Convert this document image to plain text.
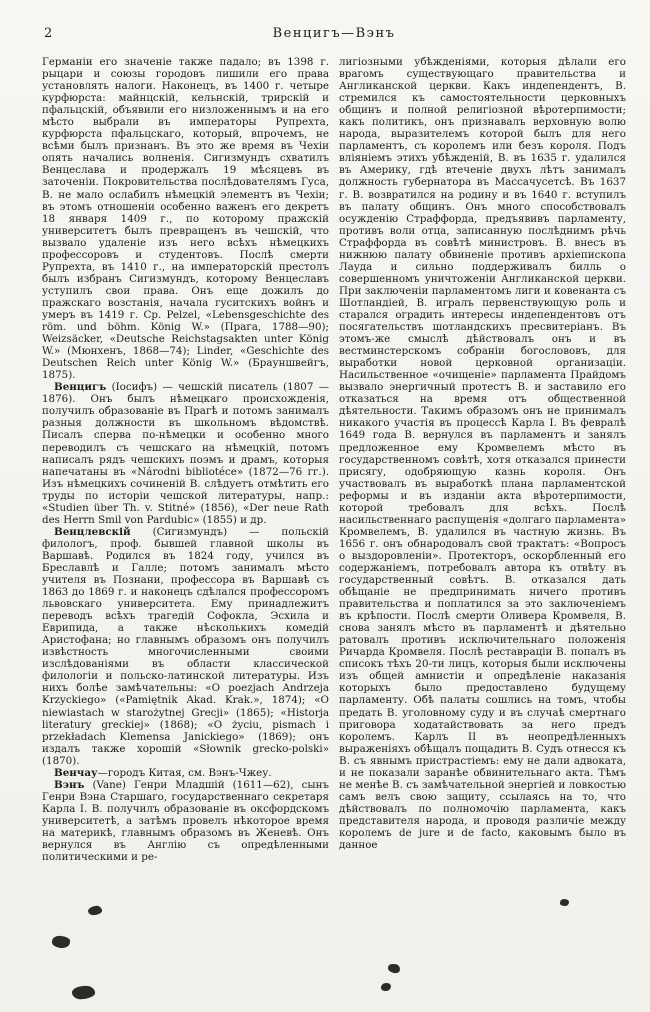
2	Венцигъ—Вэнъ

Германіи его значеніе также падало; въ 1398 г. рыцари и союзы городовъ лишили его права установлять налоги. Наконецъ, въ 1400 г. четыре курфюрста: майнцскій, кельнскій, трирскій и пфальцскій, объявили его низложеннымъ и на его мѣсто выбрали въ императоры Рупрехта, курфюрста пфальцскаго, который, впрочемъ, не всѣми былъ признанъ. Въ это же время въ Чехіи опять начались волненія. Сигизмундъ схватилъ Венцеслава и продержалъ 19 мѣсяцевъ въ заточеніи. Покровительства послѣдователямъ Гуса, В. не мало ослабилъ нѣмецкій элементъ въ Чехіи; въ этомъ отношеніи особенно важенъ его декретъ 18 января 1409 г., по которому пражскій университетъ былъ превращенъ въ чешскій, что вызвало удаленіе изъ него всѣхъ нѣмецкихъ профессоровъ и студентовъ. Послѣ смерти Рупрехта, въ 1410 г., на императорскій престолъ былъ избранъ Сигизмундъ, которому Венцеславъ уступилъ свои права. Онъ еще дожилъ до пражскаго возстанія, начала гуситскихъ войнъ и умеръ въ 1419 г. Ср. Pelzel, «Lebensgeschichte des röm. und böhm. König W.» (Прага, 1788—90); Weizsäcker, «Deutsche Reichstagsakten unter König W.» (Мюнхенъ, 1868—74); Linder, «Geschichte des Deutschen Reich unter König W.» (Брауншвейгъ, 1875).

Венцигъ (Іосифъ) — чешскій писатель (1807 — 1876). Онъ былъ нѣмецкаго происхожденія, получилъ образованіе въ Прагѣ и потомъ занималъ разныя должности въ школьномъ вѣдомствѣ. Писалъ сперва по-нѣмецки и особенно много переводилъ съ чешскаго на нѣмецкій, потомъ написалъ рядъ чешскихъ поэмъ и драмъ, которыя напечатаны въ «Národni bibliotéce» (1872—76 гг.). Изъ нѣмецкихъ сочиненій В. слѣдуетъ отмѣтить его труды по исторіи чешской литературы, напр.: «Studien über Th. v. Stitné» (1856), «Der neue Rath des Herrn Smil von Pardubic» (1855) и др.

Венцлевскій (Сигизмундъ) — польскій филологъ, проф. бывшей главной школы въ Варшавѣ. Родился въ 1824 году, учился въ Бреславлѣ и Галле; потомъ занималъ мѣсто учителя въ Познани, профессора въ Варшавѣ съ 1863 до 1869 г. и наконецъ сдѣлался профессоромъ львовскаго университета. Ему принадлежитъ переводъ всѣхъ трагедій Софокла, Эсхила и Еврипида, а также нѣсколькихъ комедій Аристофана; но главнымъ образомъ онъ получилъ извѣстность многочисленными своими изслѣдованіями въ области классической филологіи и польско-латинской литературы. Изъ нихъ болѣе замѣчательны: «O poezjach Andrzeja Krzyckiego» («Pamiętnik Akad. Krak.», 1874); «O niewiastach w starożytnej Grecji» (1865); «Historja literatury greckiej» (1868); «O życiu, pismach i przekładach Klemensa Janickiego» (1869); онъ издалъ также хорошій «Słownik grecko-polski» (1870).

Венчау—городъ Китая, см. Вэнъ-Чжеу.

Вэнъ (Vane) Генри Младшій (1611—62), сынъ Генри Вэна Старшаго, государственнаго секретаря Карла I. В. получилъ образованіе въ оксфордскомъ университетѣ, а затѣмъ провелъ нѣкоторое время на материкѣ, главнымъ образомъ въ Женевѣ. Онъ вернулся въ Англію съ опредѣленными политическими и ре-

лигіозными убѣжденіями, которыя дѣлали его врагомъ существующаго правительства и Англиканской церкви. Какъ индепендентъ, В. стремился къ самостоятельности церковныхъ общинъ и полной религіозной вѣротерпимости; какъ политикъ, онъ признавалъ верховную волю народа, выразителемъ которой былъ для него парламентъ, съ королемъ или безъ короля. Подъ вліяніемъ этихъ убѣжденій, В. въ 1635 г. удалился въ Америку, гдѣ втеченіе двухъ лѣтъ занималъ должность губернатора въ Массачусетсѣ. Въ 1637 г. В. возвратился на родину и въ 1640 г. вступилъ въ палату общинъ. Онъ много способствовалъ осужденію Страффорда, предъявивъ парламенту, противъ воли отца, записанную послѣднимъ рѣчь Страффорда въ совѣтѣ министровъ. В. внесъ въ нижнюю палату обвиненіе противъ архіепископа Лауда и сильно поддерживалъ билль о совершенномъ уничтоженіи Англиканской церкви. При заключеніи парламентомъ лиги и ковенанта съ Шотландіей, В. игралъ первенствующую роль и старался оградить интересы индепендентовъ отъ посягательствъ шотландскихъ пресвитеріанъ. Въ этомъ-же смыслѣ дѣйствовалъ онъ и въ вестминстерскомъ собраніи богослововъ, для выработки новой церковной организаціи. Насильственное «очищеніе» парламента Прайдомъ вызвало энергичный протестъ В. и заставило его отказаться на время отъ общественной дѣятельности. Такимъ образомъ онъ не принималъ никакого участія въ процессѣ Карла I. Въ февралѣ 1649 года В. вернулся въ парламентъ и занялъ предложенное ему Кромвелемъ мѣсто въ государственномъ совѣтѣ, хотя отказался принести присягу, одобряющую казнь короля. Онъ участвовалъ въ выработкѣ плана парламентской реформы и въ изданіи акта вѣротерпимости, которой требовалъ для всѣхъ. Послѣ насильственнаго распущенія «долгаго парламента» Кромвелемъ, В. удалился въ частную жизнь. Въ 1656 г. онъ обнародовалъ свой трактатъ: «Вопросъ о выздоровленіи». Протекторъ, оскорбленный его содержаніемъ, потребовалъ автора къ отвѣту въ государственный совѣтъ. В. отказался дать обѣщаніе не предпринимать ничего противъ правительства и поплатился за это заключеніемъ въ крѣпости. Послѣ смерти Оливера Кромвеля, В. снова занялъ мѣсто въ парламентѣ и дѣятельно ратовалъ противъ исключительнаго положенія Ричарда Кромвеля. Послѣ реставраціи В. попалъ въ списокъ тѣхъ 20-ти лицъ, которыя были исключены изъ общей амнистіи и опредѣленіе наказанія которыхъ было предоставлено будущему парламенту. Обѣ палаты сошлись на томъ, чтобы предать В. уголовному суду и въ случаѣ смертнаго приговора ходатайствовать за него предъ королемъ. Карлъ II въ неопредѣленныхъ выраженіяхъ обѣщалъ пощадить В. Судъ отнесся къ В. съ явнымъ пристрастіемъ: ему не дали адвоката, и не показали заранѣе обвинительнаго акта. Тѣмъ не менѣе В. съ замѣчательной энергіей и ловкостью самъ велъ свою защиту, ссылаясь на то, что дѣйствовалъ по полномочію парламента, какъ представителя народа, и проводя различіе между королемъ de jure и de facto, каковымъ было въ данное
